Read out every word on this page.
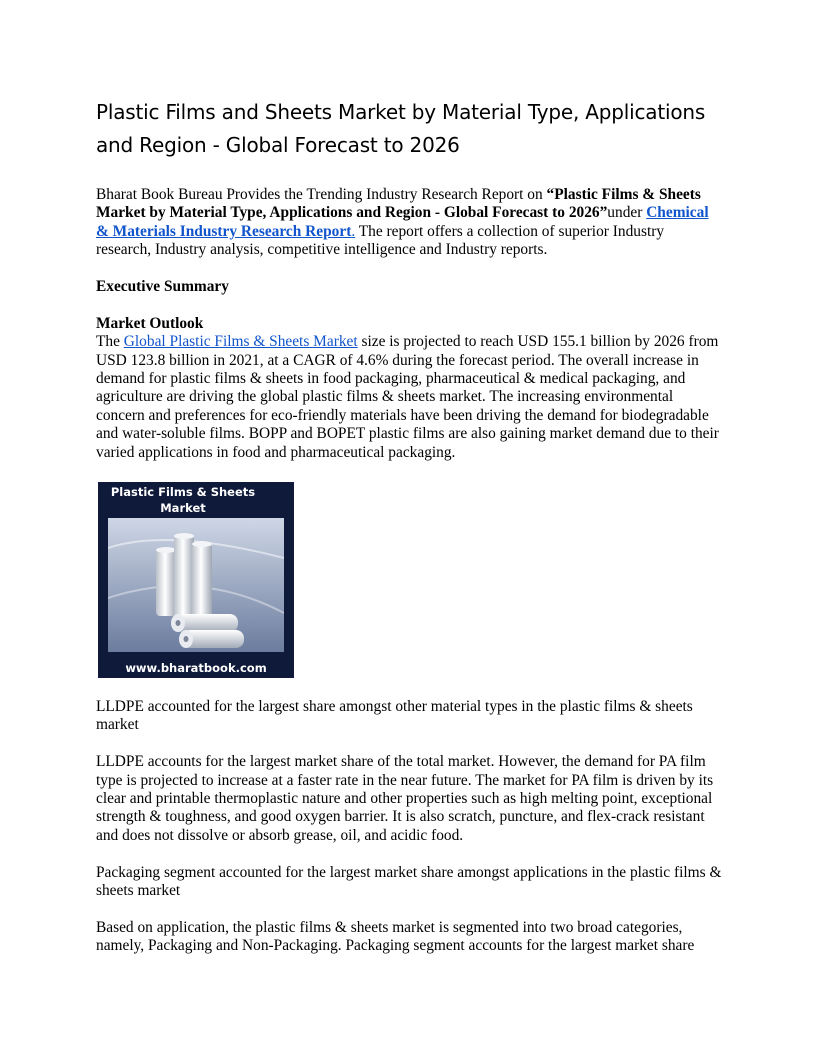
Plastic Films and Sheets Market by Material Type, Applications and Region - Global Forecast to 2026

Bharat Book Bureau Provides the Trending Industry Research Report on “Plastic Films & Sheets Market by Material Type, Applications and Region - Global Forecast to 2026”under Chemical & Materials Industry Research Report. The report offers a collection of superior Industry research, Industry analysis, competitive intelligence and Industry reports.

Executive Summary

Market Outlook

The Global Plastic Films & Sheets Market size is projected to reach USD 155.1 billion by 2026 from USD 123.8 billion in 2021, at a CAGR of 4.6% during the forecast period. The overall increase in demand for plastic films & sheets in food packaging, pharmaceutical & medical packaging, and agriculture are driving the global plastic films & sheets market. The increasing environmental concern and preferences for eco-friendly materials have been driving the demand for biodegradable and water-soluble films. BOPP and BOPET plastic films are also gaining market demand due to their varied applications in food and pharmaceutical packaging.

Plastic Films & Sheets Market
www.bharatbook.com

LLDPE accounted for the largest share amongst other material types in the plastic films & sheets market

LLDPE accounts for the largest market share of the total market. However, the demand for PA film type is projected to increase at a faster rate in the near future. The market for PA film is driven by its clear and printable thermoplastic nature and other properties such as high melting point, exceptional strength & toughness, and good oxygen barrier. It is also scratch, puncture, and flex-crack resistant and does not dissolve or absorb grease, oil, and acidic food.

Packaging segment accounted for the largest market share amongst applications in the plastic films & sheets market

Based on application, the plastic films & sheets market is segmented into two broad categories, namely, Packaging and Non-Packaging. Packaging segment accounts for the largest market share
